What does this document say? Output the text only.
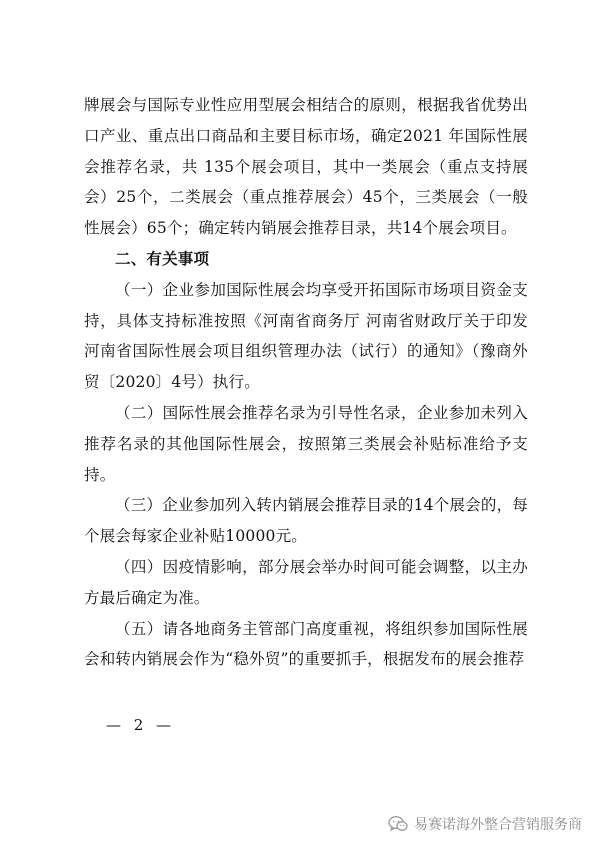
牌展会与国际专业性应用型展会相结合的原则，根据我省优势出口产业、重点出口商品和主要目标市场，确定2021 年国际性展会推荐名录，共 135个展会项目，其中一类展会（重点支持展会）25个，二类展会（重点推荐展会）45个，三类展会（一般性展会）65个；确定转内销展会推荐目录，共14个展会项目。

二、有关事项

（一）企业参加国际性展会均享受开拓国际市场项目资金支持，具体支持标准按照《河南省商务厅 河南省财政厅关于印发河南省国际性展会项目组织管理办法（试行）的通知》（豫商外贸〔2020〕4号）执行。

（二）国际性展会推荐名录为引导性名录，企业参加未列入推荐名录的其他国际性展会，按照第三类展会补贴标准给予支持。

（三）企业参加列入转内销展会推荐目录的14个展会的，每个展会每家企业补贴10000元。

（四）因疫情影响，部分展会举办时间可能会调整，以主办方最后确定为准。

（五）请各地商务主管部门高度重视，将组织参加国际性展会和转内销展会作为“稳外贸”的重要抓手，根据发布的展会推荐

— 2 —
易赛诺海外整合营销服务商
